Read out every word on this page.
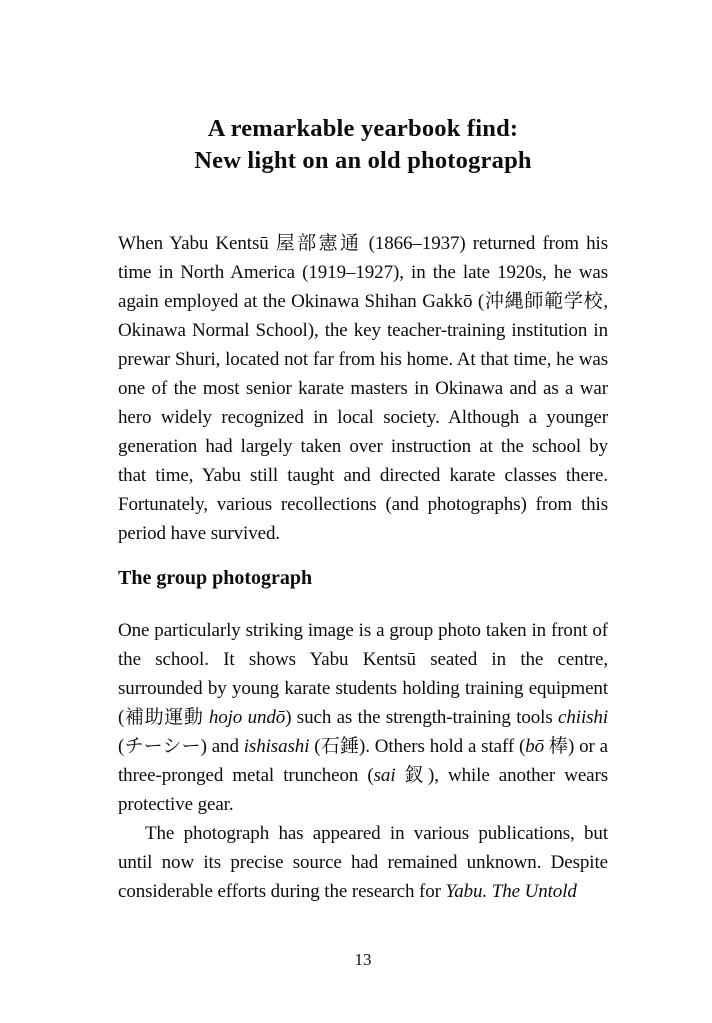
A remarkable yearbook find:
New light on an old photograph

When Yabu Kentsū 屋部憲通 (1866–1937) returned from his time in North America (1919–1927), in the late 1920s, he was again employed at the Okinawa Shihan Gakkō (沖縄師範学校, Okinawa Normal School), the key teacher-training institution in prewar Shuri, located not far from his home. At that time, he was one of the most senior karate masters in Okinawa and as a war hero widely recognized in local society. Although a younger generation had largely taken over instruction at the school by that time, Yabu still taught and directed karate classes there. Fortunately, various recollections (and photographs) from this period have survived.

The group photograph

One particularly striking image is a group photo taken in front of the school. It shows Yabu Kentsū seated in the centre, surrounded by young karate students holding training equipment (補助運動 hojo undō) such as the strength-training tools chiishi (チーシー) and ishisashi (石錘). Others hold a staff (bō 棒) or a three-pronged metal truncheon (sai 釵), while another wears protective gear.

The photograph has appeared in various publications, but until now its precise source had remained unknown. Despite considerable efforts during the research for Yabu. The Untold

13
